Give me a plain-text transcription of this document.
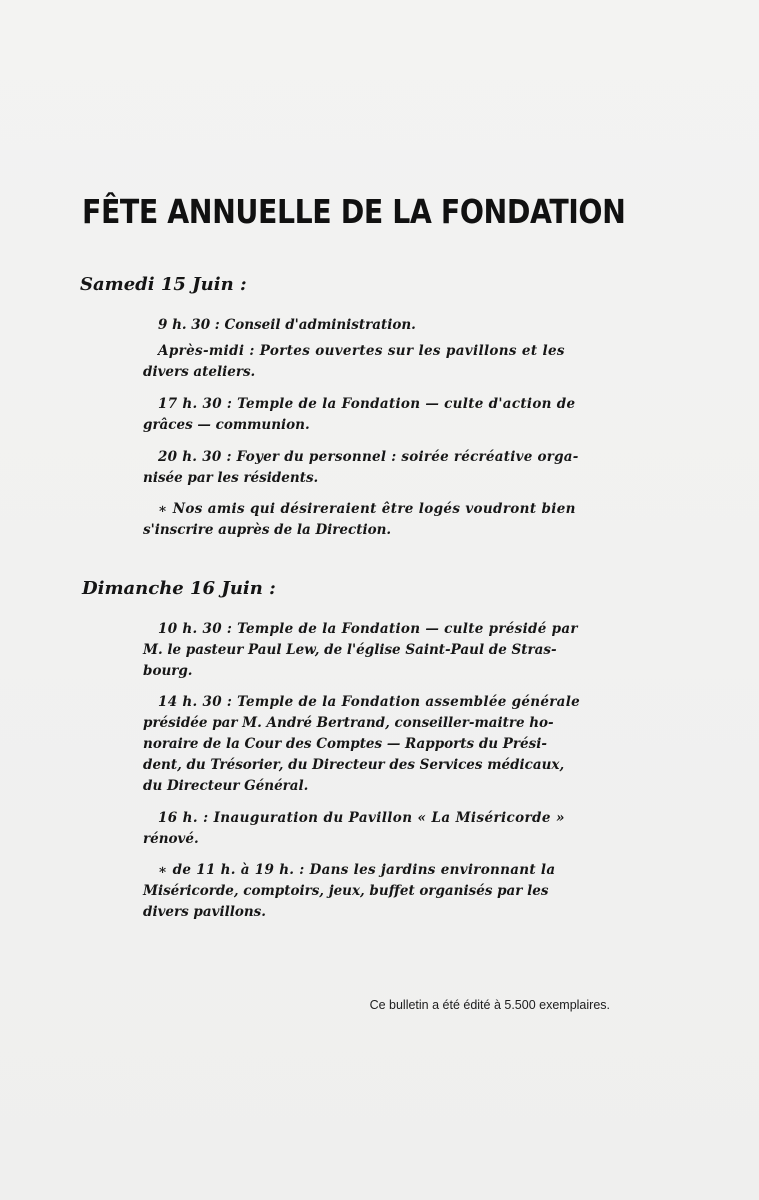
FÊTE ANNUELLE DE LA FONDATION
Samedi 15 Juin :
9 h. 30 : Conseil d'administration.
Après-midi : Portes ouvertes sur les pavillons et les
divers ateliers.
17 h. 30 : Temple de la Fondation — culte d'action de
grâces — communion.
20 h. 30 : Foyer du personnel : soirée récréative orga-
nisée par les résidents.
∗ Nos amis qui désireraient être logés voudront bien
s'inscrire auprès de la Direction.
Dimanche 16 Juin :
10 h. 30 : Temple de la Fondation — culte présidé par
M. le pasteur Paul Lew, de l'église Saint-Paul de Stras-
bourg.
14 h. 30 : Temple de la Fondation assemblée générale
présidée par M. André Bertrand, conseiller-maitre ho-
noraire de la Cour des Comptes — Rapports du Prési-
dent, du Trésorier, du Directeur des Services médicaux,
du Directeur Général.
16 h. : Inauguration du Pavillon « La Miséricorde »
rénové.
∗ de 11 h. à 19 h. : Dans les jardins environnant la
Miséricorde, comptoirs, jeux, buffet organisés par les
divers pavillons.
Ce bulletin a été édité à 5.500 exemplaires.
